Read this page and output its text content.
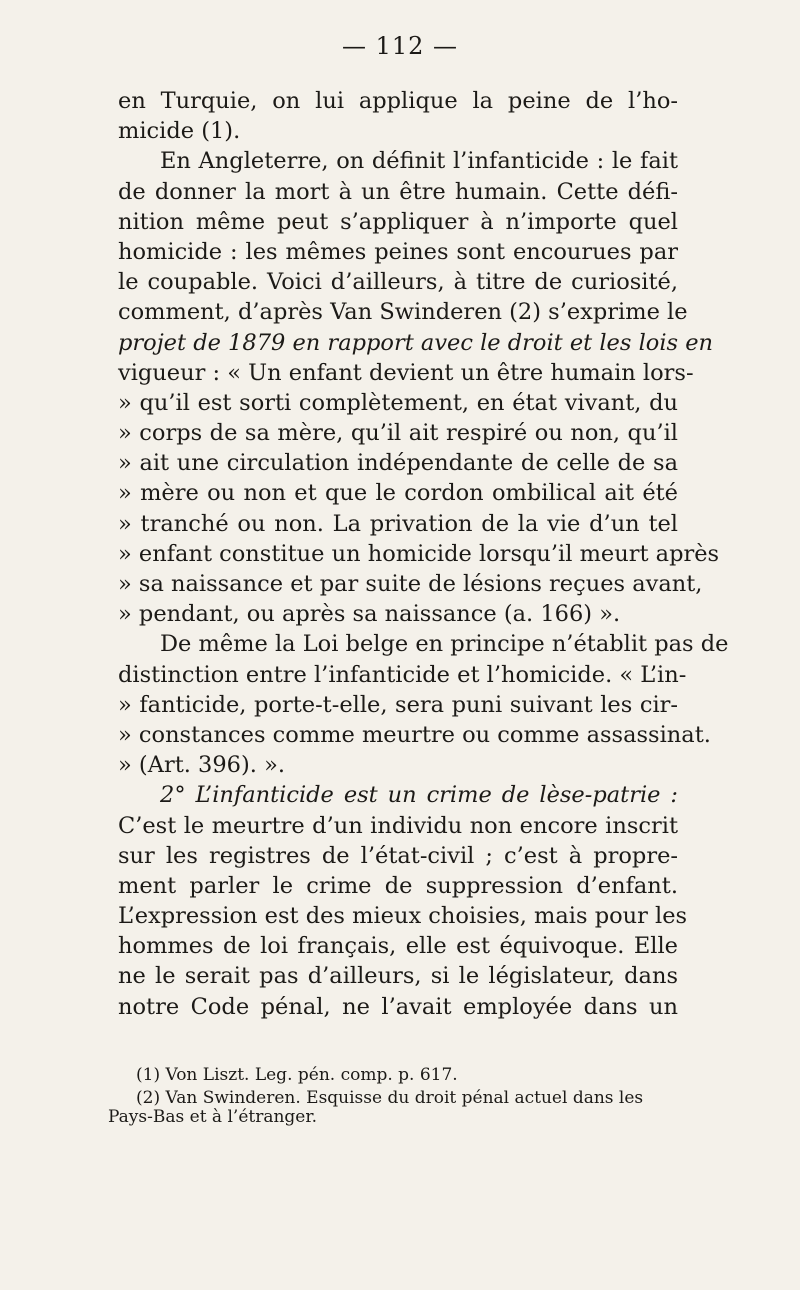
— 112 —
en Turquie, on lui applique la peine de l’ho-
micide (1).
En Angleterre, on définit l’infanticide : le fait
de donner la mort à un être humain. Cette défi-
nition même peut s’appliquer à n’importe quel
homicide : les mêmes peines sont encourues par
le coupable. Voici d’ailleurs, à titre de curiosité,
comment, d’après Van Swinderen (2) s’exprime le
projet de 1879 en rapport avec le droit et les lois en
vigueur : « Un enfant devient un être humain lors-
» qu’il est sorti complètement, en état vivant, du
» corps de sa mère, qu’il ait respiré ou non, qu’il
» ait une circulation indépendante de celle de sa
» mère ou non et que le cordon ombilical ait été
» tranché ou non. La privation de la vie d’un tel
» enfant constitue un homicide lorsqu’il meurt après
» sa naissance et par suite de lésions reçues avant,
» pendant, ou après sa naissance (a. 166) ».
De même la Loi belge en principe n’établit pas de
distinction entre l’infanticide et l’homicide. « L’in-
» fanticide, porte-t-elle, sera puni suivant les cir-
» constances comme meurtre ou comme assassinat.
» (Art. 396). ».
2° L’infanticide est un crime de lèse-patrie :
C’est le meurtre d’un individu non encore inscrit
sur les registres de l’état-civil ; c’est à propre-
ment parler le crime de suppression d’enfant.
L’expression est des mieux choisies, mais pour les
hommes de loi français, elle est équivoque. Elle
ne le serait pas d’ailleurs, si le législateur, dans
notre Code pénal, ne l’avait employée dans un
(1) Von Liszt. Leg. pén. comp. p. 617.
(2) Van Swinderen. Esquisse du droit pénal actuel dans les
Pays-Bas et à l’étranger.
